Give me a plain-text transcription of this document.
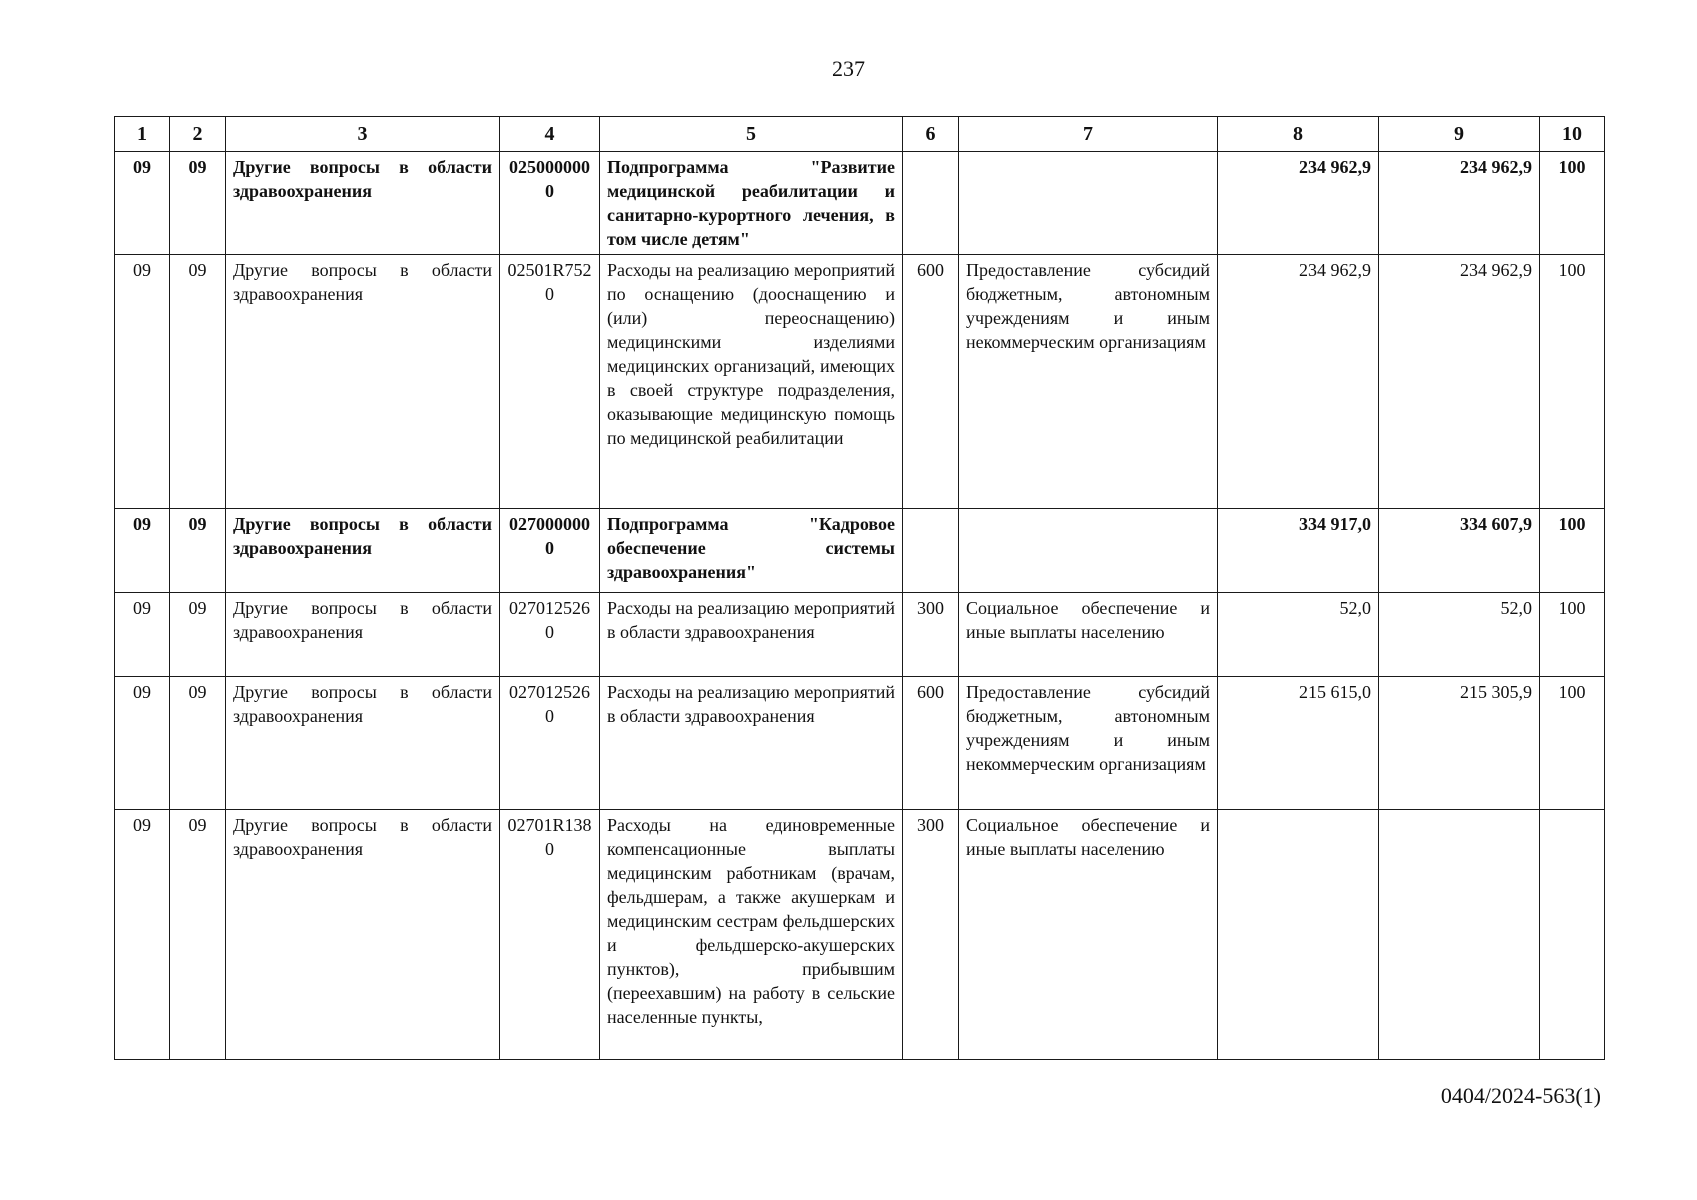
237
1	2	3	4	5	6	7	8	9	10
09	09	Другие вопросы в области здравоохранения	0250000000	Подпрограмма "Развитие медицинской реабилитации и санитарно-курортного лечения, в том числе детям"			234 962,9	234 962,9	100
09	09	Другие вопросы в области здравоохранения	02501R7520	Расходы на реализацию мероприятий по оснащению (дооснащению и (или) переоснащению) медицинскими изделиями медицинских организаций, имеющих в своей структуре подразделения, оказывающие медицинскую помощь по медицинской реабилитации	600	Предоставление субсидий бюджетным, автономным учреждениям и иным некоммерческим организациям	234 962,9	234 962,9	100
09	09	Другие вопросы в области здравоохранения	0270000000	Подпрограмма "Кадровое обеспечение системы здравоохранения"			334 917,0	334 607,9	100
09	09	Другие вопросы в области здравоохранения	0270125260	Расходы на реализацию мероприятий в области здравоохранения	300	Социальное обеспечение и иные выплаты населению	52,0	52,0	100
09	09	Другие вопросы в области здравоохранения	0270125260	Расходы на реализацию мероприятий в области здравоохранения	600	Предоставление субсидий бюджетным, автономным учреждениям и иным некоммерческим организациям	215 615,0	215 305,9	100
09	09	Другие вопросы в области здравоохранения	02701R1380	Расходы на единовременные компенсационные выплаты медицинским работникам (врачам, фельдшерам, а также акушеркам и медицинским сестрам фельдшерских и фельдшерско-акушерских пунктов), прибывшим (переехавшим) на работу в сельские населенные пункты,	300	Социальное обеспечение и иные выплаты населению			
0404/2024-563(1)
